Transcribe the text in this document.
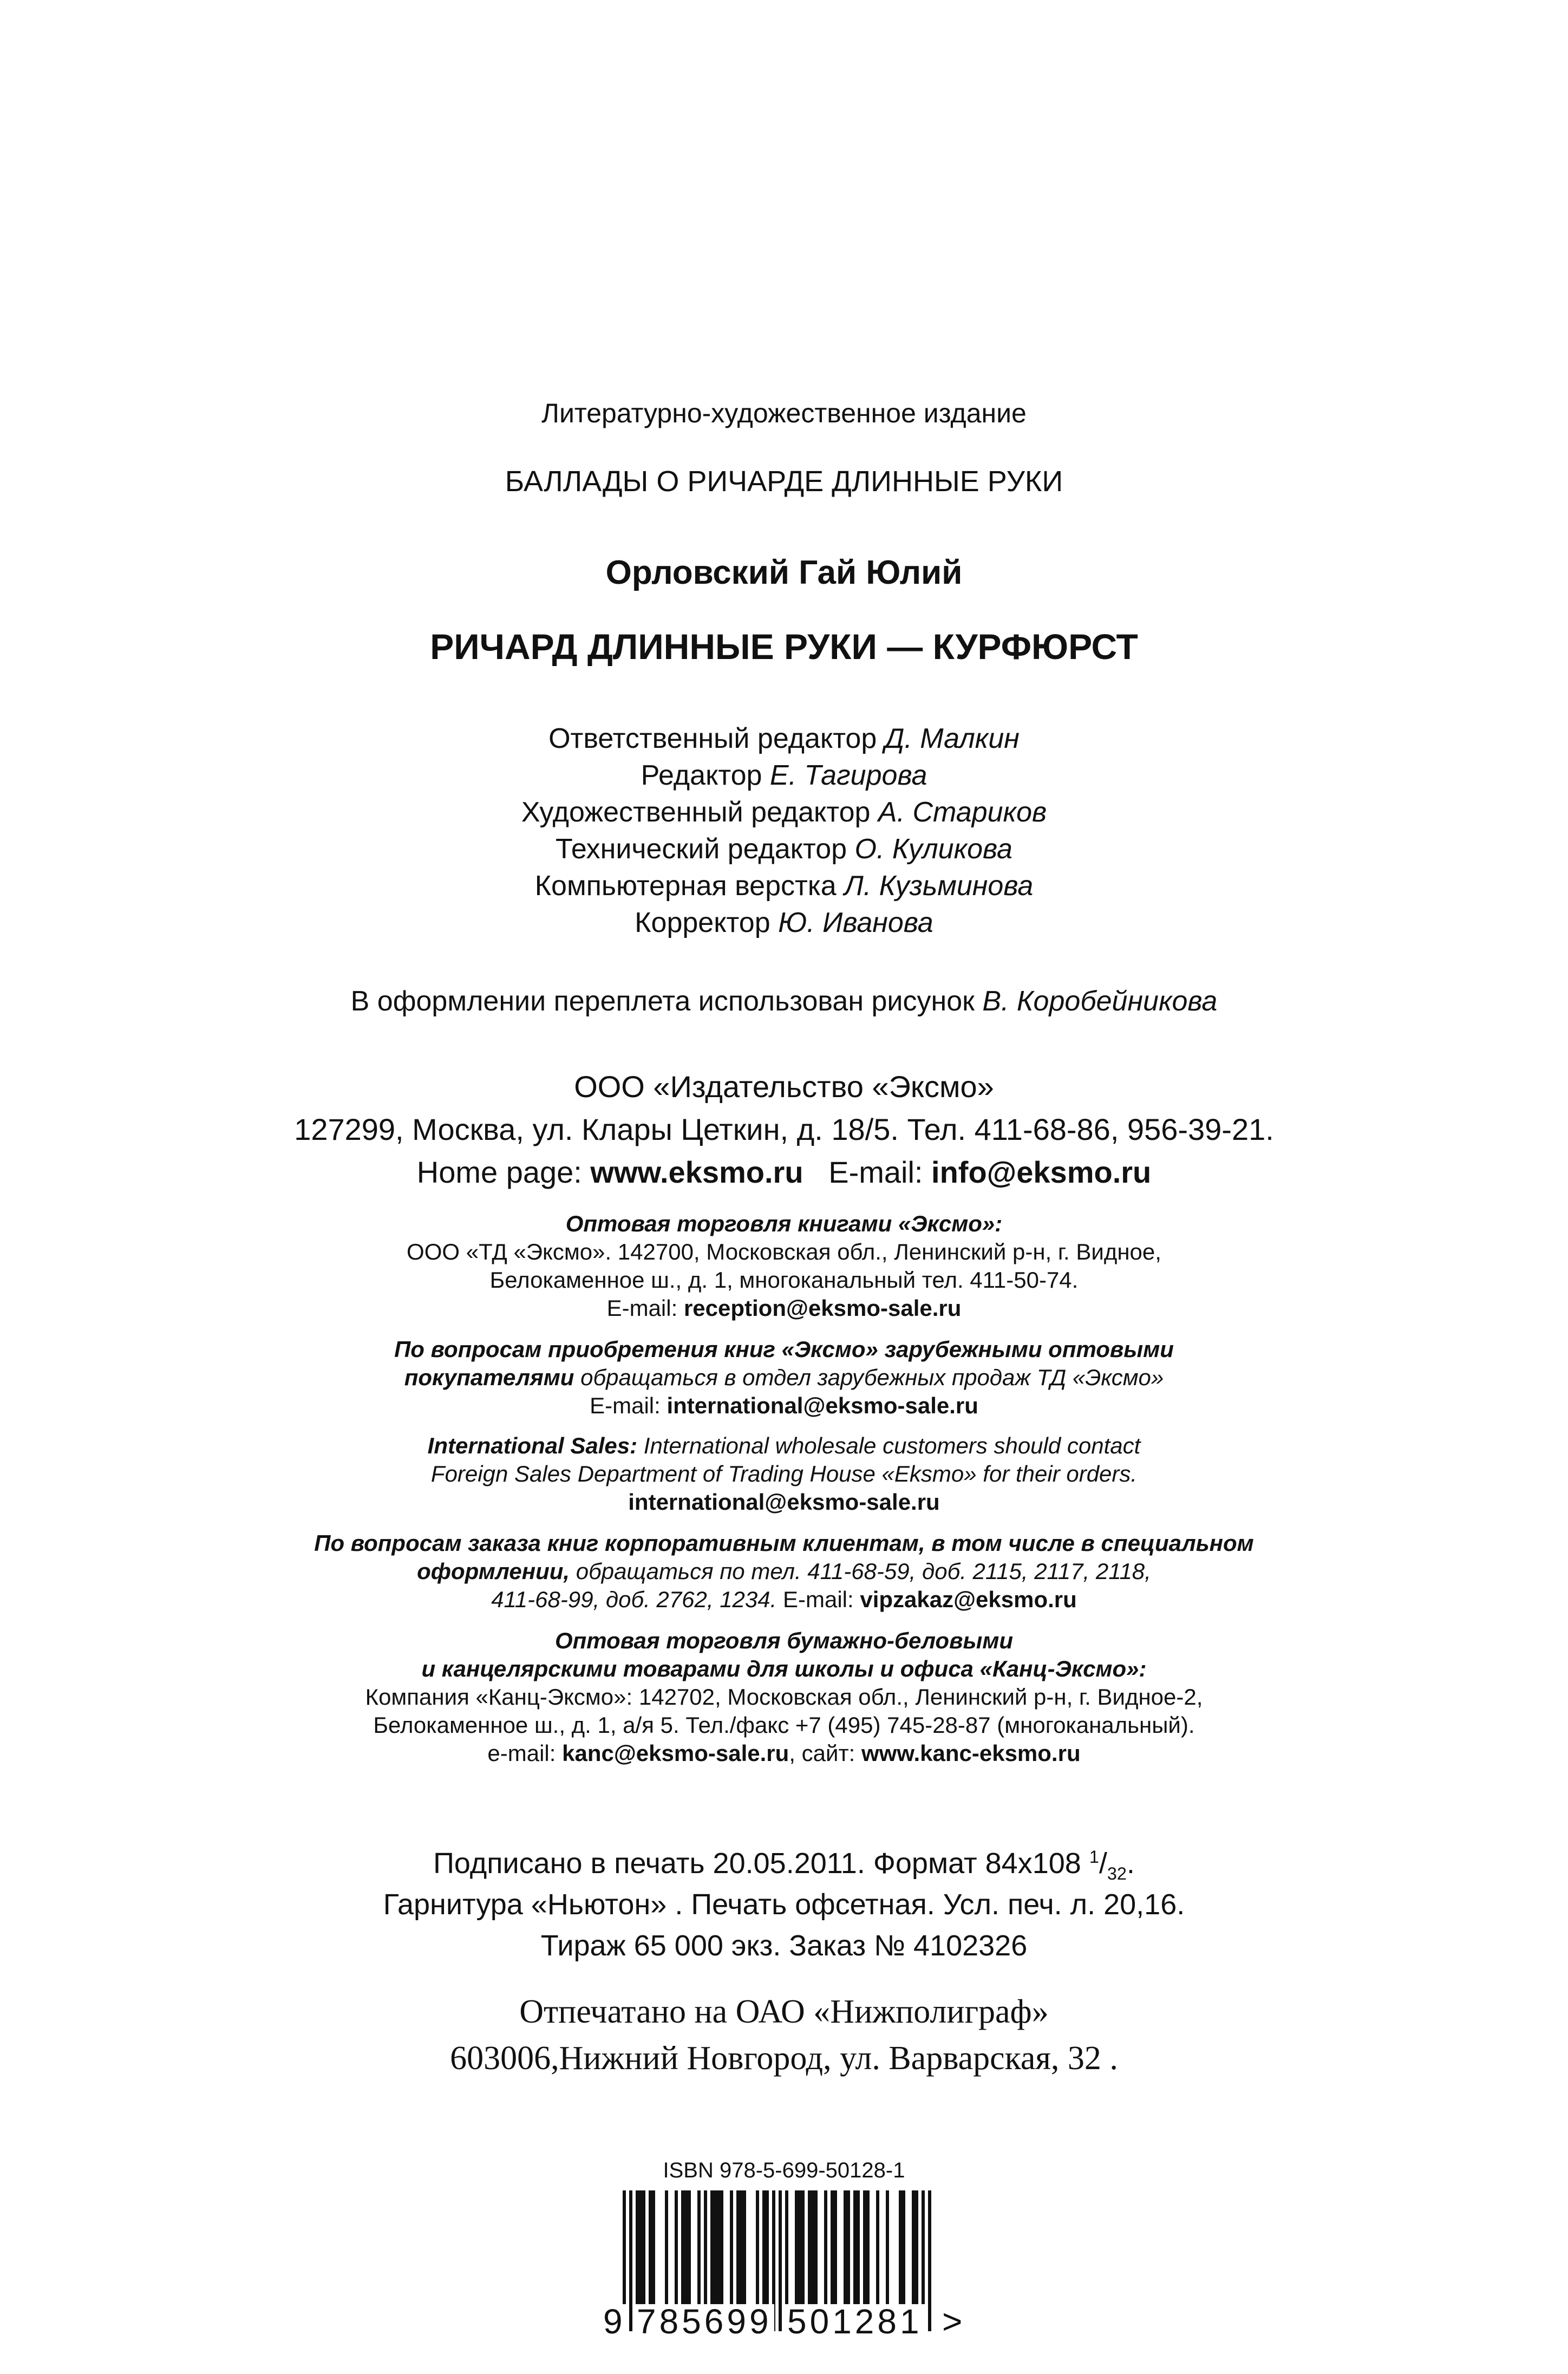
Литературно-художественное издание
БАЛЛАДЫ О РИЧАРДЕ ДЛИННЫЕ РУКИ
Орловский Гай Юлий
РИЧАРД ДЛИННЫЕ РУКИ — КУРФЮРСТ
Ответственный редактор Д. Малкин
Редактор Е. Тагирова
Художественный редактор А. Стариков
Технический редактор О. Куликова
Компьютерная верстка Л. Кузьминова
Корректор Ю. Иванова
В оформлении переплета использован рисунок В. Коробейникова
ООО «Издательство «Эксмо»
127299, Москва, ул. Клары Цеткин, д. 18/5. Тел. 411-68-86, 956-39-21.
Home page: www.eksmo.ru E-mail: info@eksmo.ru
Оптовая торговля книгами «Эксмо»:
ООО «ТД «Эксмо». 142700, Московская обл., Ленинский р-н, г. Видное,
Белокаменное ш., д. 1, многоканальный тел. 411-50-74.
E-mail: reception@eksmo-sale.ru
По вопросам приобретения книг «Эксмо» зарубежными оптовыми
покупателями обращаться в отдел зарубежных продаж ТД «Эксмо»
E-mail: international@eksmo-sale.ru
International Sales: International wholesale customers should contact
Foreign Sales Department of Trading House «Eksmo» for their orders.
international@eksmo-sale.ru
По вопросам заказа книг корпоративным клиентам, в том числе в специальном
оформлении, обращаться по тел. 411-68-59, доб. 2115, 2117, 2118,
411-68-99, доб. 2762, 1234. E-mail: vipzakaz@eksmo.ru
Оптовая торговля бумажно-беловыми
и канцелярскими товарами для школы и офиса «Канц-Эксмо»:
Компания «Канц-Эксмо»: 142702, Московская обл., Ленинский р-н, г. Видное-2,
Белокаменное ш., д. 1, а/я 5. Тел./факс +7 (495) 745-28-87 (многоканальный).
e-mail: kanc@eksmo-sale.ru, сайт: www.kanc-eksmo.ru
Подписано в печать 20.05.2011. Формат 84x108 $^1/_{32}$.
Гарнитура «Ньютон» . Печать офсетная. Усл. печ. л. 20,16.
Тираж 65 000 экз. Заказ № 4102326
Отпечатано на ОАО «Нижполиграф»
603006,Нижний Новгород, ул. Варварская, 32 .
ISBN 978-5-699-50128-1
9 785699 501281 >
